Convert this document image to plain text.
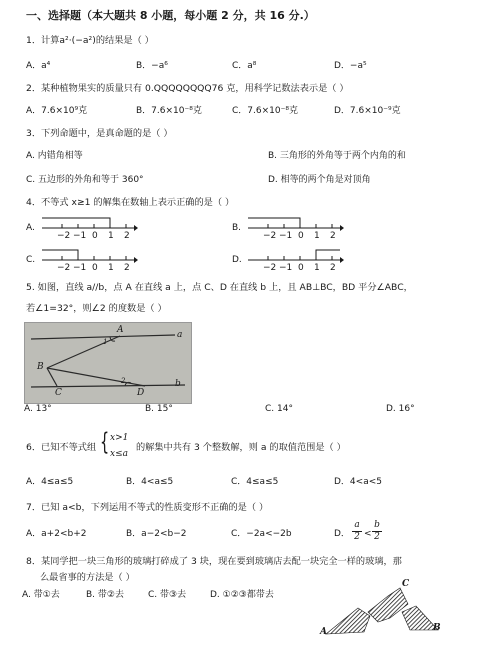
一、选择题（本大题共 8 小题，每小题 2 分，共 16 分.）
1．计算a²·(−a²)的结果是（ ）
A．a⁴	B．−a⁶	C．a⁸	D．−a⁵
2．某种植物果实的质量只有 0.QQQQQQQQ76 克，用科学记数法表示是（ ）
A．7.6×10⁹克	B．7.6×10⁻⁸克	C．7.6×10⁻⁸克	D．7.6×10⁻⁹克
3．下列命题中，是真命题的是（ ）
A. 内错角相等	B. 三角形的外角等于两个内角的和
C. 五边形的外角和等于 360°	D. 相等的两个角是对顶角
4．不等式 x≥1 的解集在数轴上表示正确的是（ ）
A.
−2 −1 0 1 2
B.
−2 −1 0 1 2
C.
−2 −1 0 1 2
D.
−2 −1 0 1 2
5. 如图，直线 a//b，点 A 在直线 a 上，点 C、D 在直线 b 上，且 AB⊥BC，BD 平分∠ABC，
若∠1=32°，则∠2 的度数是（ ）
A	a
1
B
C
2
D
b
A. 13°	B. 15°	C. 14°	D. 16°
6．已知不等式组 { x>1
x≤a
的解集中共有 3 个整数解，则 a 的取值范围是（ ）
A．4≤a≤5	B．4<a≤5	C．4≤a≤5	D．4<a<5
7．已知 a<b，下列运用不等式的性质变形不正确的是（ ）
A．a+2<b+2	B．a−2<b−2	C．−2a<−2b	D．
a
2 <
b
2
8．某同学把一块三角形的玻璃打碎成了 3 块，现在要到玻璃店去配一块完全一样的玻璃，那
么最省事的方法是（ ）
A. 带①去	B. 带②去	C. 带③去	D. ①②③都带去
C
A	B
